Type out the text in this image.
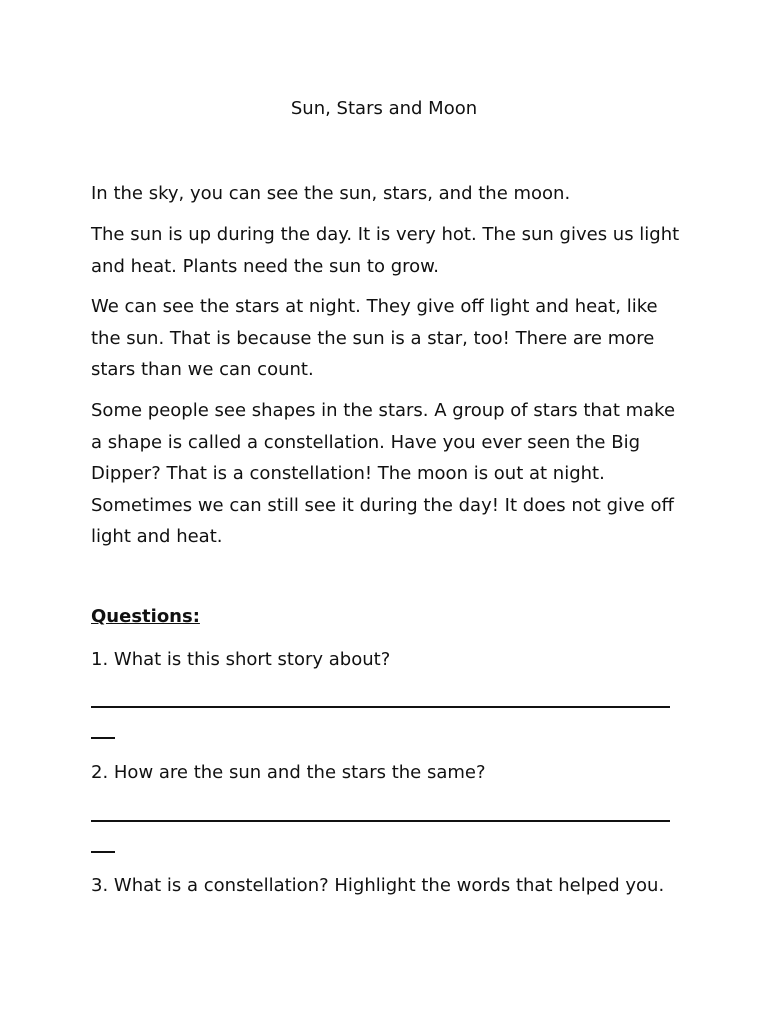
Sun, Stars and Moon

In the sky, you can see the sun, stars, and the moon.

The sun is up during the day. It is very hot. The sun gives us light and heat. Plants need the sun to grow.

We can see the stars at night. They give off light and heat, like the sun. That is because the sun is a star, too! There are more stars than we can count.

Some people see shapes in the stars. A group of stars that make a shape is called a constellation. Have you ever seen the Big Dipper? That is a constellation! The moon is out at night. Sometimes we can still see it during the day! It does not give off light and heat.

Questions:
1. What is this short story about?
2. How are the sun and the stars the same?
3. What is a constellation? Highlight the words that helped you.
